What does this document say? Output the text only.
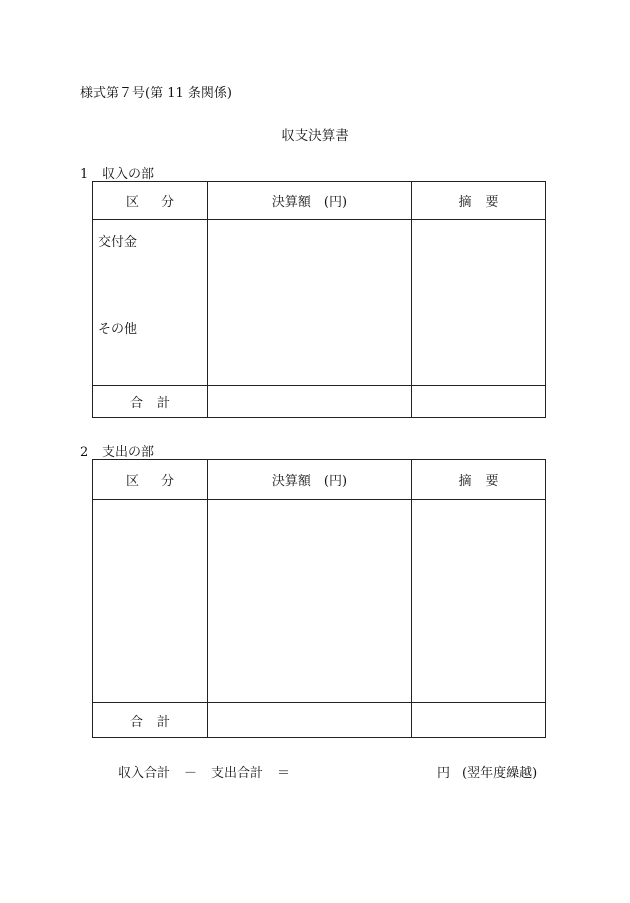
様式第７号(第 11 条関係)
収支決算書
1 収入の部
区 分	決算額　(円)	摘 要

交付金
その他		

合 計		
2 支出の部
区 分	決算額　(円)	摘 要

合 計		
収入合計 － 支出合計 ＝	円 (翌年度繰越)
